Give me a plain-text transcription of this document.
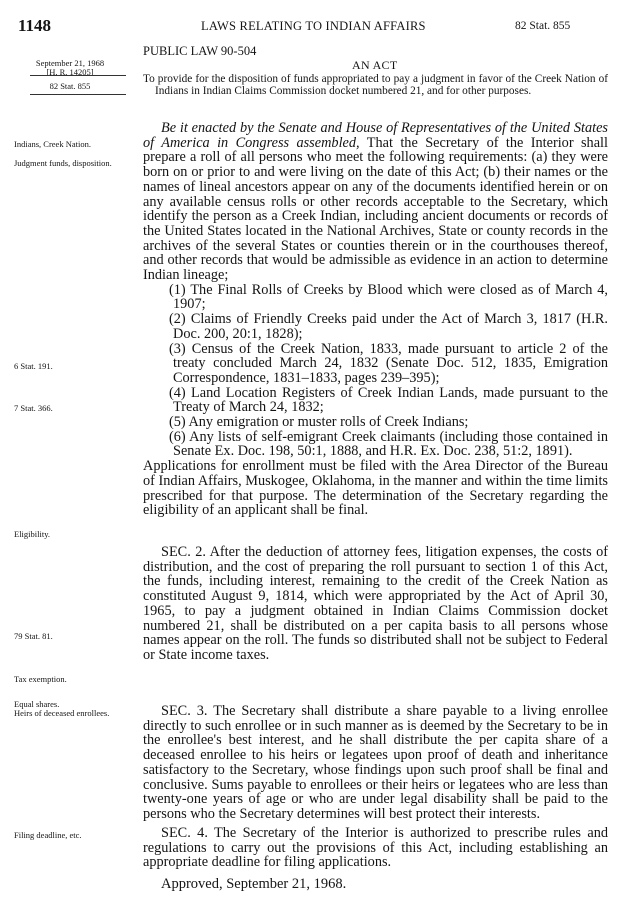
1148	LAWS RELATING TO INDIAN AFFAIRS	82 Stat. 855
PUBLIC LAW 90-504
AN ACT
September 21, 1968
[H. R. 14205]
82 Stat. 855
Indians, Creek Nation.
Judgment funds, disposition.
6 Stat. 191.
7 Stat. 366.
Eligibility.
79 Stat. 81.
Tax exemption.
Equal shares.
Heirs of deceased enrollees.
Filing deadline, etc.
To provide for the disposition of funds appropriated to pay a judgment in favor of the Creek Nation of Indians in Indian Claims Commission docket numbered 21, and for other purposes.

Be it enacted by the Senate and House of Representatives of the United States of America in Congress assembled, That the Secretary of the Interior shall prepare a roll of all persons who meet the following requirements: (a) they were born on or prior to and were living on the date of this Act; (b) their names or the names of lineal ancestors appear on any of the documents identified herein or on any available census rolls or other records acceptable to the Secretary, which identify the person as a Creek Indian, including ancient documents or records of the United States located in the National Archives, State or county records in the archives of the several States or counties therein or in the courthouses thereof, and other records that would be admissible as evidence in an action to determine Indian lineage;

(1) The Final Rolls of Creeks by Blood which were closed as of March 4, 1907;

(2) Claims of Friendly Creeks paid under the Act of March 3, 1817 (H.R. Doc. 200, 20:1, 1828);

(3) Census of the Creek Nation, 1833, made pursuant to article 2 of the treaty concluded March 24, 1832 (Senate Doc. 512, 1835, Emigration Correspondence, 1831–1833, pages 239–395);

(4) Land Location Registers of Creek Indian Lands, made pursuant to the Treaty of March 24, 1832;

(5) Any emigration or muster rolls of Creek Indians;

(6) Any lists of self-emigrant Creek claimants (including those contained in Senate Ex. Doc. 198, 50:1, 1888, and H.R. Ex. Doc. 238, 51:2, 1891).

Applications for enrollment must be filed with the Area Director of the Bureau of Indian Affairs, Muskogee, Oklahoma, in the manner and within the time limits prescribed for that purpose. The determination of the Secretary regarding the eligibility of an applicant shall be final.

SEC. 2. After the deduction of attorney fees, litigation expenses, the costs of distribution, and the cost of preparing the roll pursuant to section 1 of this Act, the funds, including interest, remaining to the credit of the Creek Nation as constituted August 9, 1814, which were appropriated by the Act of April 30, 1965, to pay a judgment obtained in Indian Claims Commission docket numbered 21, shall be distributed on a per capita basis to all persons whose names appear on the roll. The funds so distributed shall not be subject to Federal or State income taxes.

SEC. 3. The Secretary shall distribute a share payable to a living enrollee directly to such enrollee or in such manner as is deemed by the Secretary to be in the enrollee's best interest, and he shall distribute the per capita share of a deceased enrollee to his heirs or legatees upon proof of death and inheritance satisfactory to the Secretary, whose findings upon such proof shall be final and conclusive. Sums payable to enrollees or their heirs or legatees who are less than twenty-one years of age or who are under legal disability shall be paid to the persons who the Secretary determines will best protect their interests.

SEC. 4. The Secretary of the Interior is authorized to prescribe rules and regulations to carry out the provisions of this Act, including establishing an appropriate deadline for filing applications.

Approved, September 21, 1968.
